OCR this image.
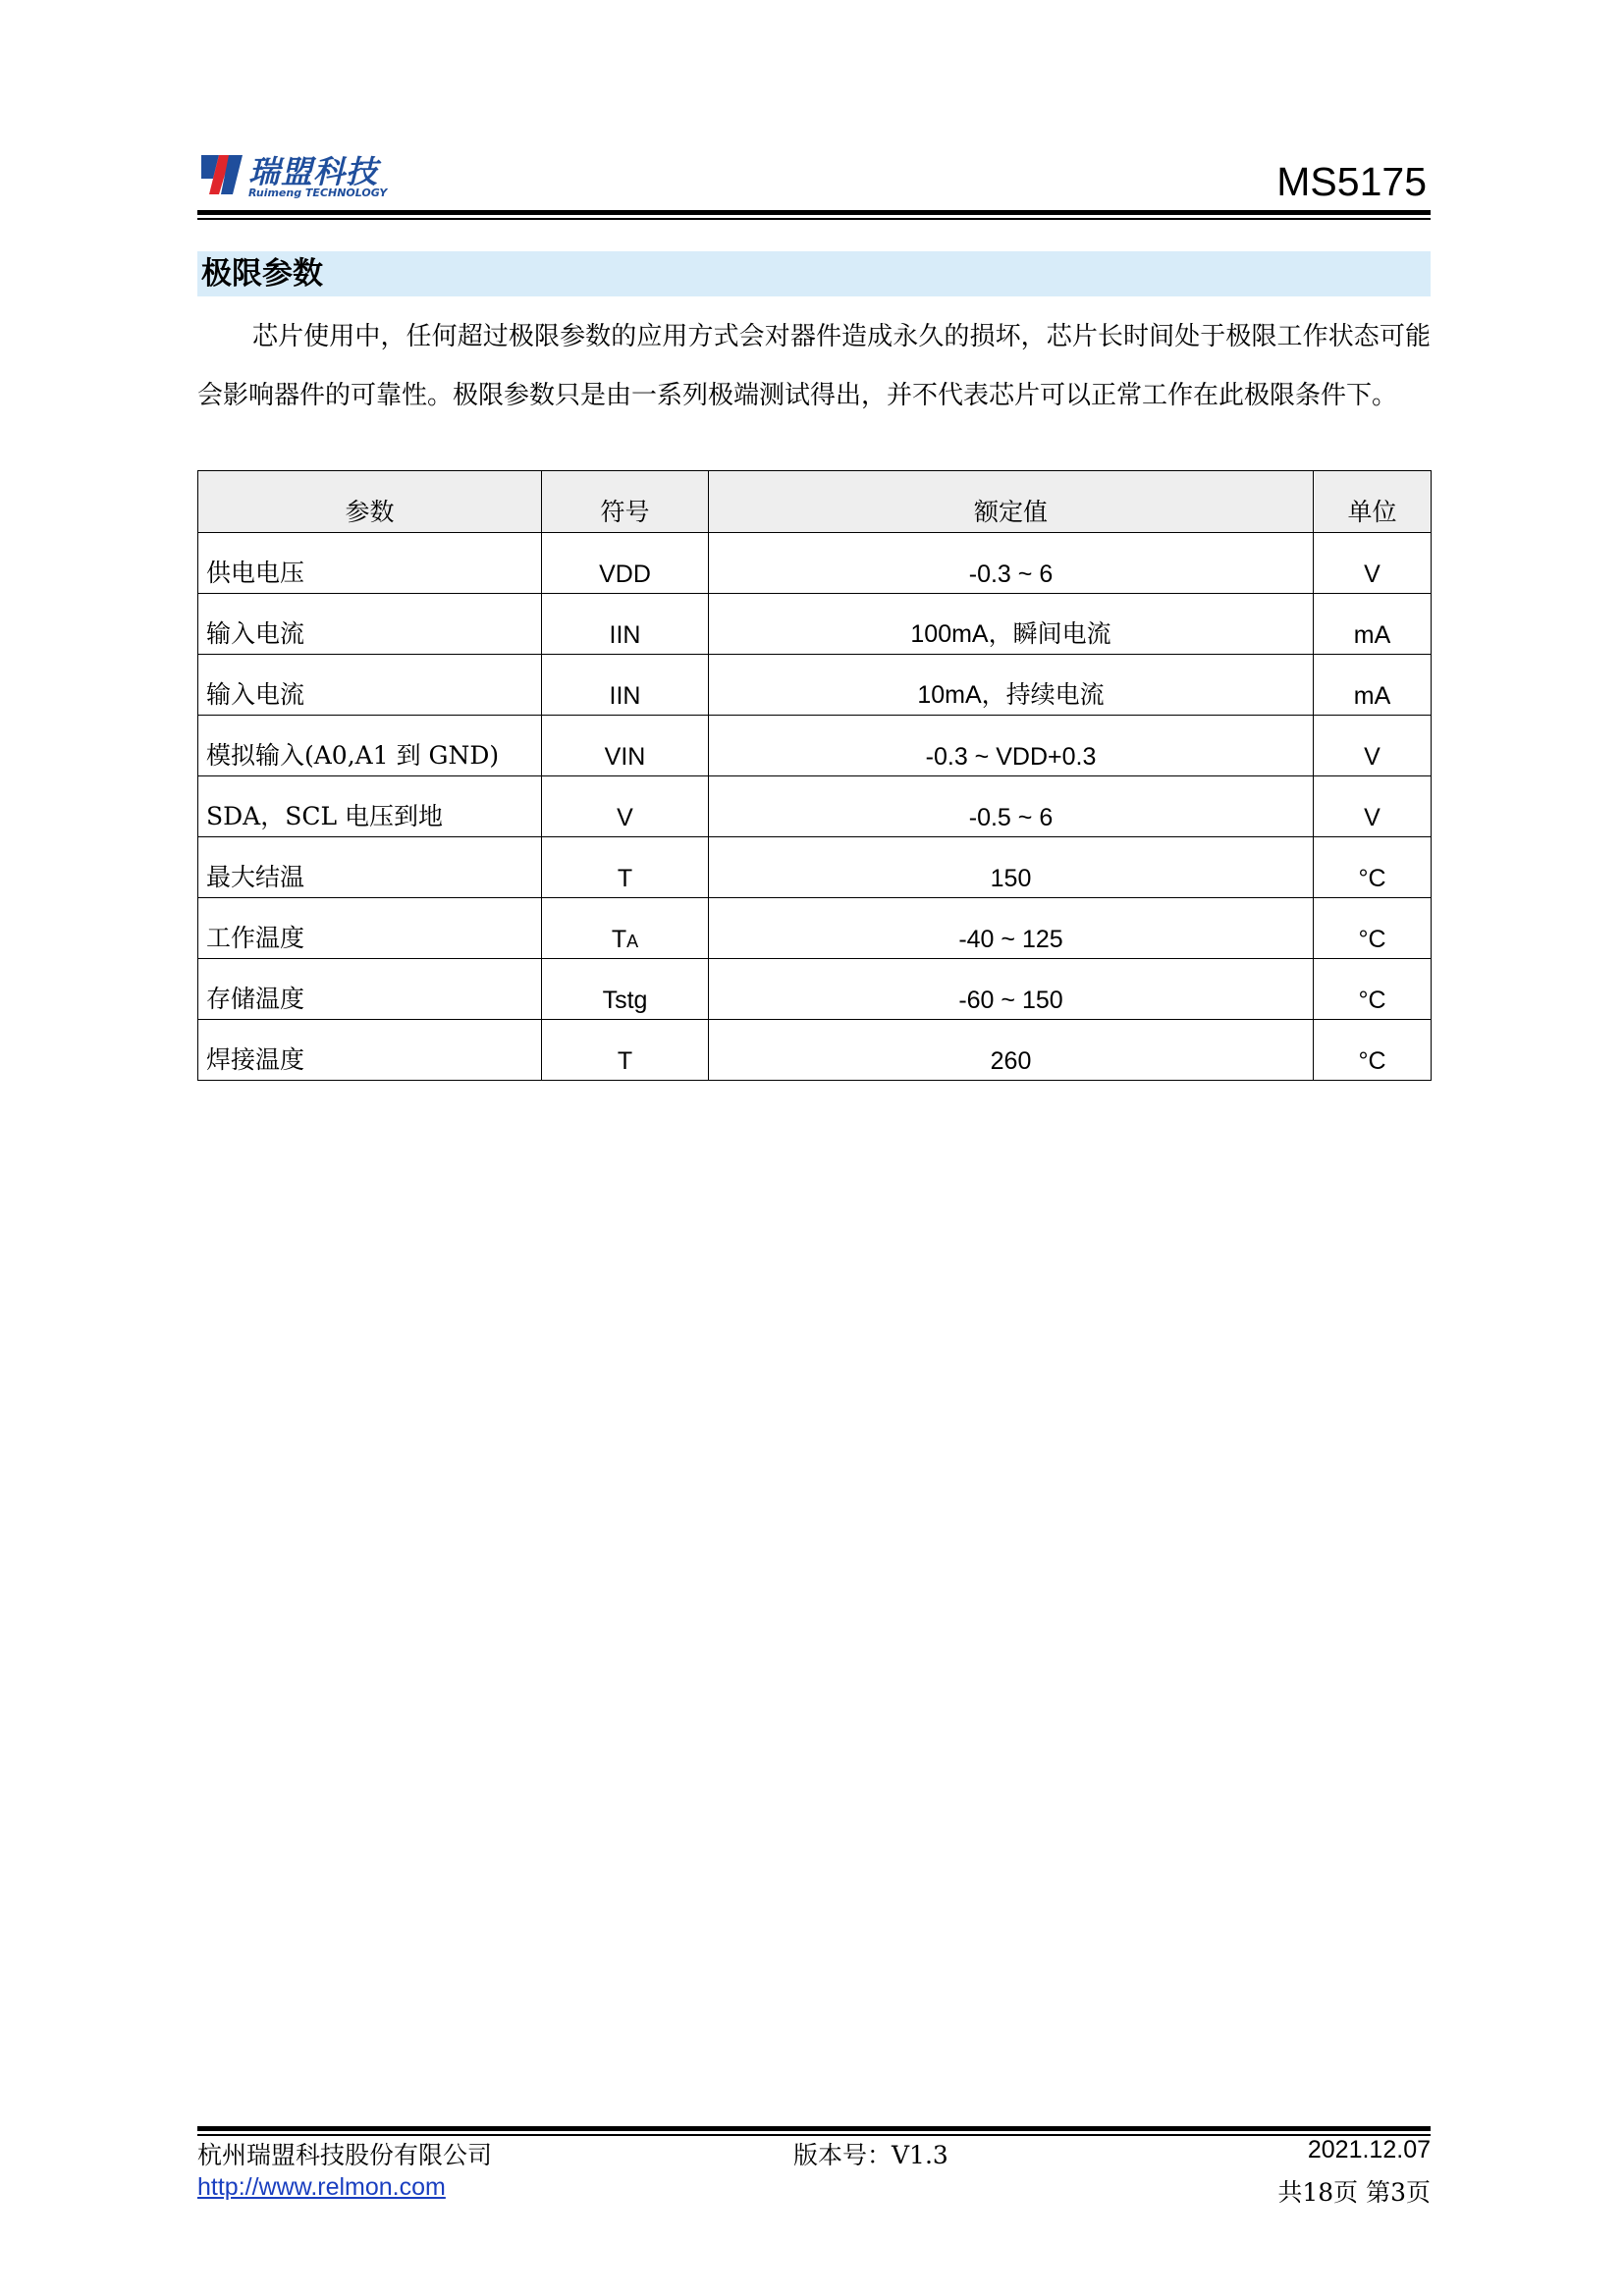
瑞盟科技
Ruimeng TECHNOLOGY	MS5175
极限参数
芯片使用中，任何超过极限参数的应用方式会对器件造成永久的损坏，芯片长时间处于极限工作状态可能会影响器件的可靠性。极限参数只是由一系列极端测试得出，并不代表芯片可以正常工作在此极限条件下。
参数	符号	额定值	单位
供电电压	VDD	-0.3 ~ 6	V
输入电流	IIN	100mA，瞬间电流	mA
输入电流	IIN	10mA，持续电流	mA
模拟输入(A0,A1 到 GND)	VIN	-0.3 ~ VDD+0.3	V
SDA，SCL 电压到地	V	-0.5 ~ 6	V
最大结温	T	150	°C
工作温度	TA	-40 ~ 125	°C
存储温度	Tstg	-60 ~ 150	°C
焊接温度	T	260	°C
杭州瑞盟科技股份有限公司
http://www.relmon.com
版本号：V1.3	2021.12.07
共18页 第3页
